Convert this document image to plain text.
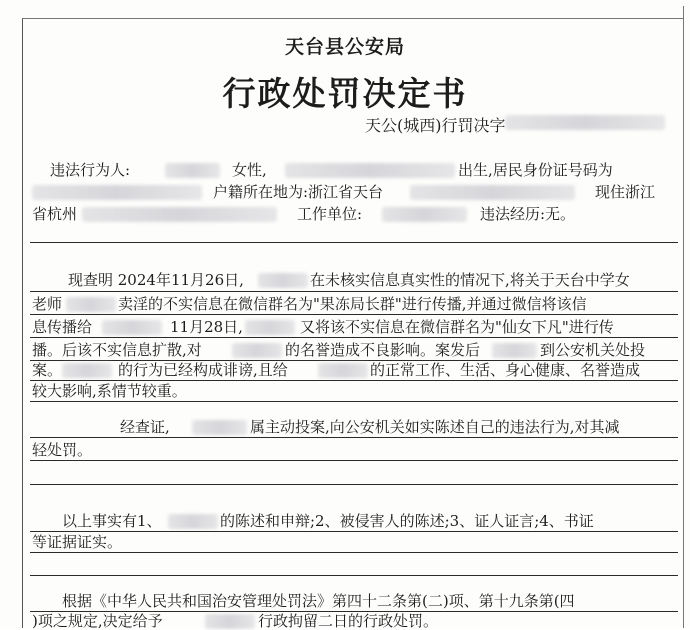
天台县公安局
行政处罚决定书
天公(城西)行罚决字
违法行为人:	女性,	出生,居民身份证号码为
户籍所在地为:浙江省天台	现住浙江
省杭州	工作单位:	违法经历:无。
现查明 2024年11月26日,	在未核实信息真实性的情况下,将关于天台中学女
老师	卖淫的不实信息在微信群名为"果冻局长群"进行传播,并通过微信将该信
息传播给	11月28日,	又将该不实信息在微信群名为"仙女下凡"进行传
播。后该不实信息扩散,对	的名誉造成不良影响。案发后	到公安机关处投
案。	的行为已经构成诽谤,且给	的正常工作、生活、身心健康、名誉造成
较大影响,系情节较重。
经查证,	属主动投案,向公安机关如实陈述自己的违法行为,对其减
轻处罚。
以上事实有1、	的陈述和申辩;2、被侵害人的陈述;3、证人证言;4、书证
等证据证实。
根据《中华人民共和国治安管理处罚法》第四十二条第(二)项、第十九条第(四
)项之规定,决定给予	行政拘留二日的行政处罚。
